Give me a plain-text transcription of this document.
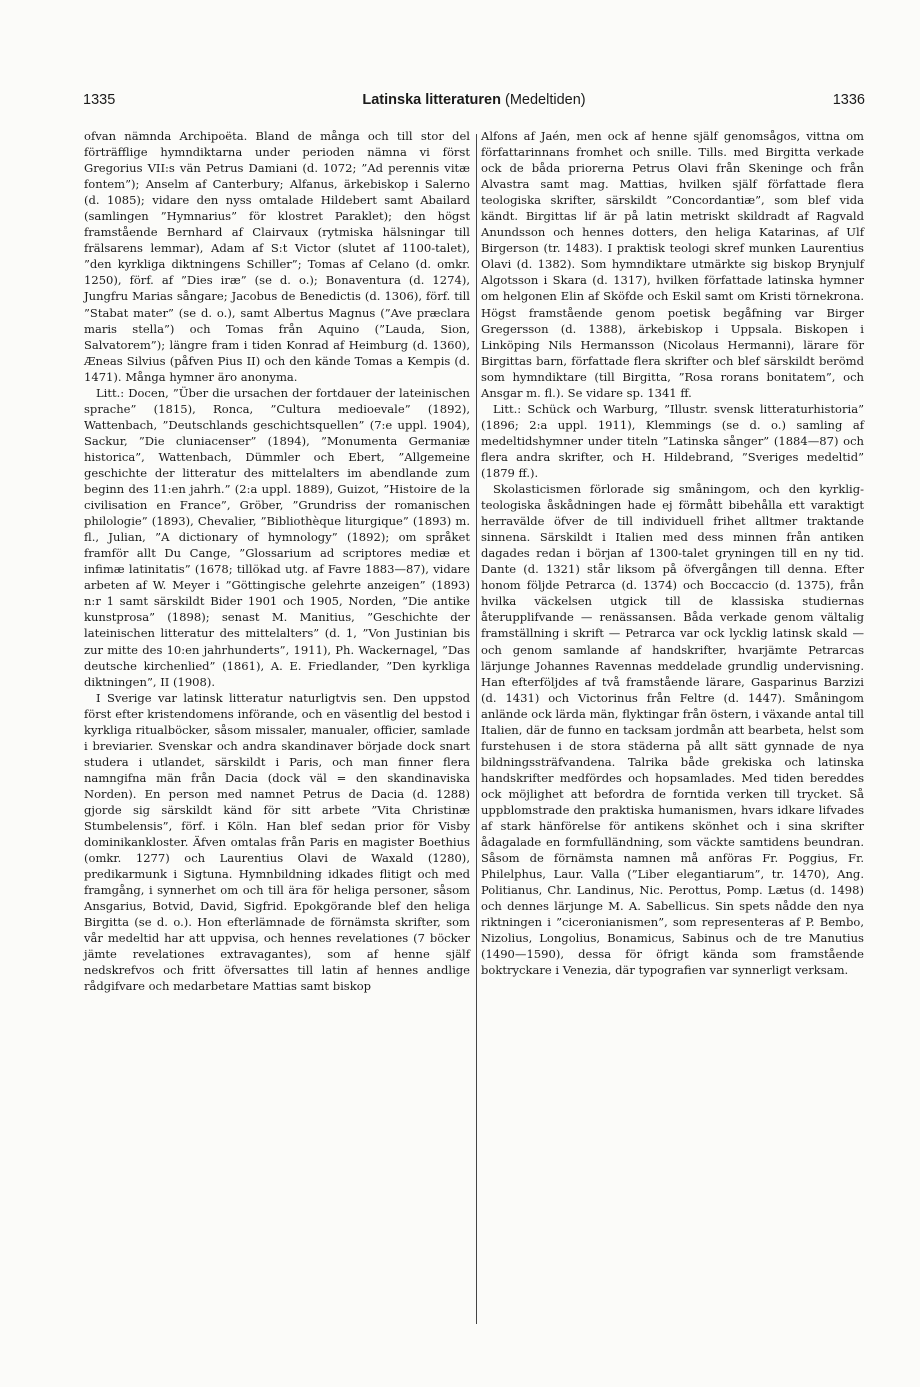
1335	Latinska litteraturen (Medeltiden)	1336

ofvan nämnda Archipoëta. Bland de många och till stor del förträfflige hymndiktarna under perioden nämna vi först Gregorius VII:s vän Petrus Damiani (d. 1072; ”Ad perennis vitæ fontem”); Anselm af Canterbury; Alfanus, ärkebiskop i Salerno (d. 1085); vidare den nyss omtalade Hildebert samt Abailard (samlingen ”Hymnarius” för klostret Paraklet); den högst framstående Bernhard af Clairvaux (rytmiska hälsningar till frälsarens lemmar), Adam af S:t Victor (slutet af 1100-talet), ”den kyrkliga diktningens Schiller”; Tomas af Celano (d. omkr. 1250), förf. af ”Dies iræ” (se d. o.); Bonaventura (d. 1274), Jungfru Marias sångare; Jacobus de Benedictis (d. 1306), förf. till ”Stabat mater” (se d. o.), samt Albertus Magnus (”Ave præclara maris stella”) och Tomas från Aquino (”Lauda, Sion, Salvatorem”); längre fram i tiden Konrad af Heimburg (d. 1360), Æneas Silvius (påfven Pius II) och den kände Tomas a Kempis (d. 1471). Många hymner äro anonyma.

Litt.: Docen, ”Über die ursachen der fortdauer der lateinischen sprache” (1815), Ronca, ”Cultura medioevale” (1892), Wattenbach, ”Deutschlands geschichtsquellen” (7:e uppl. 1904), Sackur, ”Die cluniacenser” (1894), ”Monumenta Germaniæ historica”, Wattenbach, Dümmler och Ebert, ”Allgemeine geschichte der litteratur des mittelalters im abendlande zum beginn des 11:en jahrh.” (2:a uppl. 1889), Guizot, ”Histoire de la civilisation en France”, Gröber, ”Grundriss der romanischen philologie” (1893), Chevalier, ”Bibliothèque liturgique” (1893) m. fl., Julian, ”A dictionary of hymnology” (1892); om språket framför allt Du Cange, ”Glossarium ad scriptores mediæ et infimæ latinitatis” (1678; tillökad utg. af Favre 1883—87), vidare arbeten af W. Meyer i ”Göttingische gelehrte anzeigen” (1893) n:r 1 samt särskildt Bider 1901 och 1905, Norden, ”Die antike kunstprosa” (1898); senast M. Manitius, ”Geschichte der lateinischen litteratur des mittelalters” (d. 1, ”Von Justinian bis zur mitte des 10:en jahrhunderts”, 1911), Ph. Wackernagel, ”Das deutsche kirchenlied” (1861), A. E. Friedlander, ”Den kyrkliga diktningen”, II (1908).

I Sverige var latinsk litteratur naturligtvis sen. Den uppstod först efter kristendomens införande, och en väsentlig del bestod i kyrkliga ritualböcker, såsom missaler, manualer, officier, samlade i breviarier. Svenskar och andra skandinaver började dock snart studera i utlandet, särskildt i Paris, och man finner flera namngifna män från Dacia (dock väl = den skandinaviska Norden). En person med namnet Petrus de Dacia (d. 1288) gjorde sig särskildt känd för sitt arbete ”Vita Christinæ Stumbelensis”, förf. i Köln. Han blef sedan prior för Visby dominikankloster. Äfven omtalas från Paris en magister Boethius (omkr. 1277) och Laurentius Olavi de Waxald (1280), predikarmunk i Sigtuna. Hymnbildning idkades flitigt och med framgång, i synnerhet om och till ära för heliga personer, såsom Ansgarius, Botvid, David, Sigfrid. Epokgörande blef den heliga Birgitta (se d. o.). Hon efterlämnade de förnämsta skrifter, som vår medeltid har att uppvisa, och hennes revelationes (7 böcker jämte revelationes extravagantes), som af henne själf nedskrefvos och fritt öfversattes till latin af hennes andlige rådgifvare och medarbetare Mattias samt biskop

Alfons af Jaén, men ock af henne själf genomsågos, vittna om författarinnans fromhet och snille. Tills. med Birgitta verkade ock de båda priorerna Petrus Olavi från Skeninge och från Alvastra samt mag. Mattias, hvilken själf författade flera teologiska skrifter, särskildt ”Concordantiæ”, som blef vida kändt. Birgittas lif är på latin metriskt skildradt af Ragvald Anundsson och hennes dotters, den heliga Katarinas, af Ulf Birgerson (tr. 1483). I praktisk teologi skref munken Laurentius Olavi (d. 1382). Som hymndiktare utmärkte sig biskop Brynjulf Algotsson i Skara (d. 1317), hvilken författade latinska hymner om helgonen Elin af Sköfde och Eskil samt om Kristi törnekrona. Högst framstående genom poetisk begåfning var Birger Gregersson (d. 1388), ärkebiskop i Uppsala. Biskopen i Linköping Nils Hermansson (Nicolaus Hermanni), lärare för Birgittas barn, författade flera skrifter och blef särskildt berömd som hymndiktare (till Birgitta, ”Rosa rorans bonitatem”, och Ansgar m. fl.). Se vidare sp. 1341 ff.

Litt.: Schück och Warburg, ”Illustr. svensk litteraturhistoria” (1896; 2:a uppl. 1911), Klemmings (se d. o.) samling af medeltidshymner under titeln ”Latinska sånger” (1884—87) och flera andra skrifter, och H. Hildebrand, ”Sveriges medeltid” (1879 ff.).

Skolasticismen förlorade sig småningom, och den kyrklig-teologiska åskådningen hade ej förmått bibehålla ett varaktigt herravälde öfver de till individuell frihet alltmer traktande sinnena. Särskildt i Italien med dess minnen från antiken dagades redan i början af 1300-talet gryningen till en ny tid. Dante (d. 1321) står liksom på öfvergången till denna. Efter honom följde Petrarca (d. 1374) och Boccaccio (d. 1375), från hvilka väckelsen utgick till de klassiska studiernas återupplifvande — renässansen. Båda verkade genom vältalig framställning i skrift — Petrarca var ock lycklig latinsk skald — och genom samlande af handskrifter, hvarjämte Petrarcas lärjunge Johannes Ravennas meddelade grundlig undervisning. Han efterföljdes af två framstående lärare, Gasparinus Barzizi (d. 1431) och Victorinus från Feltre (d. 1447). Småningom anlände ock lärda män, flyktingar från östern, i växande antal till Italien, där de funno en tacksam jordmån att bearbeta, helst som furstehusen i de stora städerna på allt sätt gynnade de nya bildningssträfvandena. Talrika både grekiska och latinska handskrifter medfördes och hopsamlades. Med tiden bereddes ock möjlighet att befordra de forntida verken till trycket. Så uppblomstrade den praktiska humanismen, hvars idkare lifvades af stark hänförelse för antikens skönhet och i sina skrifter ådagalade en formfulländning, som väckte samtidens beundran. Såsom de förnämsta namnen må anföras Fr. Poggius, Fr. Philelphus, Laur. Valla (”Liber elegantiarum”, tr. 1470), Ang. Politianus, Chr. Landinus, Nic. Perottus, Pomp. Lætus (d. 1498) och dennes lärjunge M. A. Sabellicus. Sin spets nådde den nya riktningen i ”ciceronianismen”, som representeras af P. Bembo, Nizolius, Longolius, Bonamicus, Sabinus och de tre Manutius (1490—1590), dessa för öfrigt kända som framstående boktryckare i Venezia, där typografien var synnerligt verksam.
